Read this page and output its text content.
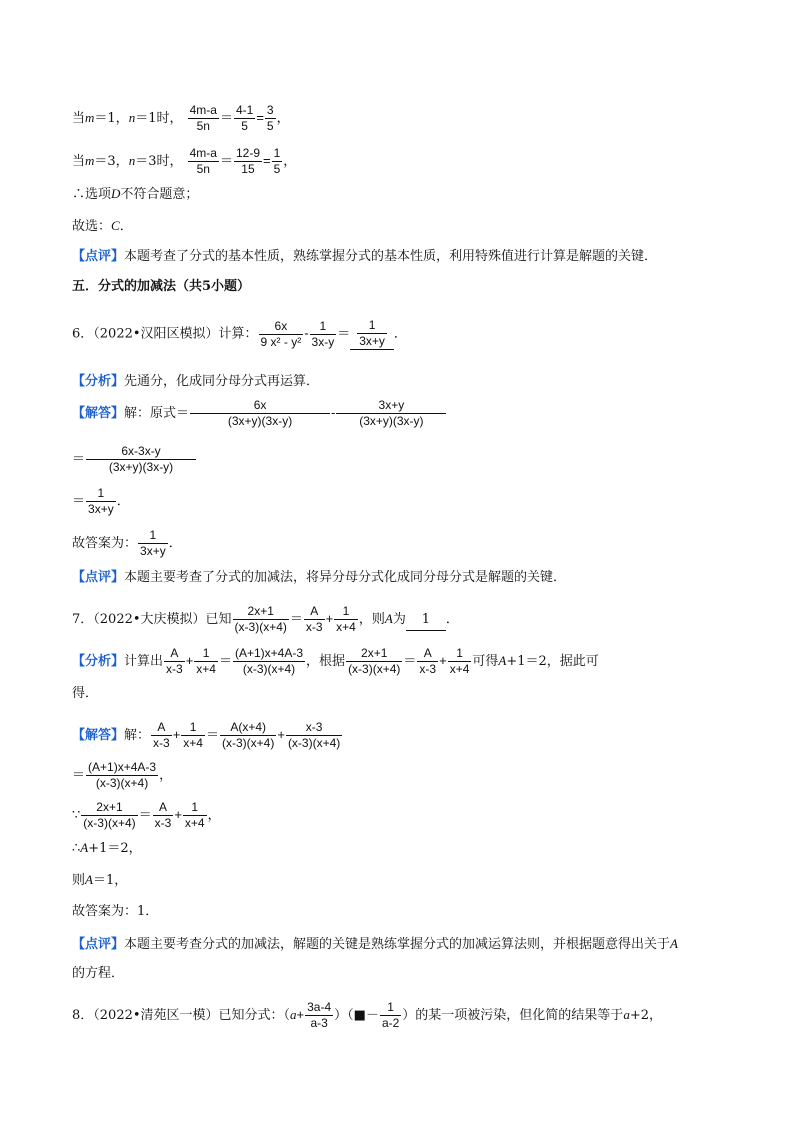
当m＝1，n＝1时， $\frac{4m-a}{5n} = \frac{4-1}{5} = \frac{3}{5}$ ，
当m＝3，n＝3时， $\frac{4m-a}{5n} = \frac{12-9}{15} = \frac{1}{5}$ ，
∴选项D不符合题意；
故选：C．
【点评】本题考查了分式的基本性质，熟练掌握分式的基本性质，利用特殊值进行计算是解题的关键．
五．分式的加减法（共5小题）
6．（2022•汉阳区模拟）计算： $\frac{6x}{\text{9 x² - y²}} - \frac{1}{3x-y} = \frac{1}{3x+y}$ ．
【分析】先通分，化成同分母分式再运算．
【解答】解：原式＝ $\frac{6x}{(3x+y)(3x-y)} - \frac{3x+y}{(3x+y)(3x-y)}$
＝ $\frac{6x-3x-y}{(3x+y)(3x-y)}$
＝ $\frac{1}{3x+y}$ ．
故答案为： $\frac{1}{3x+y}$ ．
【点评】本题主要考查了分式的加减法，将异分母分式化成同分母分式是解题的关键．
7．（2022•大庆模拟）已知 $\frac{2x+1}{(x-3)(x+4)} = \frac{A}{x-3} + \frac{1}{x+4}$ ，则A为 1 ．
【分析】计算出 $\frac{A}{x-3} + \frac{1}{x+4} = \frac{(A+1)x+4A-3}{(x-3)(x+4)}$ ，根据 $\frac{2x+1}{(x-3)(x+4)} = \frac{A}{x-3} + \frac{1}{x+4}$ 可得A+1＝2，据此可
得．
【解答】解： $\frac{A}{x-3} + \frac{1}{x+4} = \frac{A(x+4)}{(x-3)(x+4)} + \frac{x-3}{(x-3)(x+4)}$
＝ $\frac{(A+1)x+4A-3}{(x-3)(x+4)}$ ，
∵ $\frac{2x+1}{(x-3)(x+4)} = \frac{A}{x-3} + \frac{1}{x+4}$ ，
∴A+1＝2，
则A＝1，
故答案为：1．
【点评】本题主要考查分式的加减法，解题的关键是熟练掌握分式的加减运算法则，并根据题意得出关于A
的方程．
8．（2022•清苑区一模）已知分式：（$a+ \frac{3a-4}{a-3}$ ）（■－ $\frac{1}{a-2}$ ）的某一项被污染，但化简的结果等于a+2，
